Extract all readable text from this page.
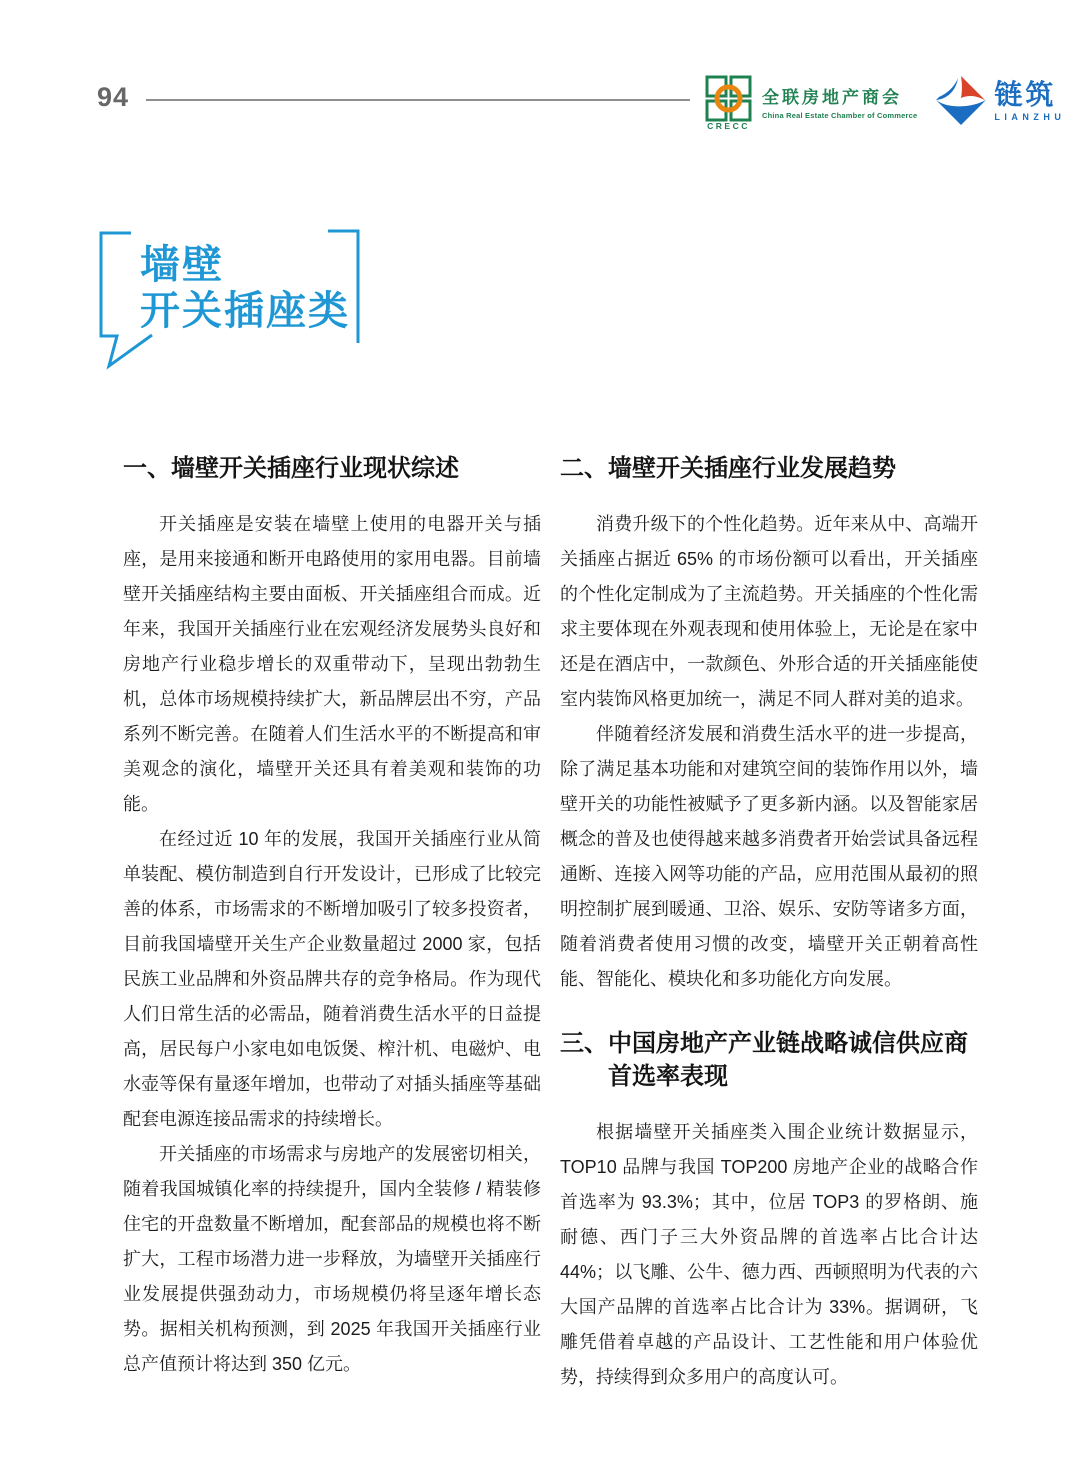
94
CRECC
全联房地产商会
China Real Estate Chamber of Commerce
链筑
LIANZHU
墙壁
开关插座类
一、墙壁开关插座行业现状综述

开关插座是安装在墙壁上使用的电器开关与插座，是用来接通和断开电路使用的家用电器。目前墙壁开关插座结构主要由面板、开关插座组合而成。近年来，我国开关插座行业在宏观经济发展势头良好和房地产行业稳步增长的双重带动下，呈现出勃勃生机，总体市场规模持续扩大，新品牌层出不穷，产品系列不断完善。在随着人们生活水平的不断提高和审美观念的演化，墙壁开关还具有着美观和装饰的功能。

在经过近 10 年的发展，我国开关插座行业从简单装配、模仿制造到自行开发设计，已形成了比较完善的体系，市场需求的不断增加吸引了较多投资者，目前我国墙壁开关生产企业数量超过 2000 家，包括民族工业品牌和外资品牌共存的竞争格局。作为现代人们日常生活的必需品，随着消费生活水平的日益提高，居民每户小家电如电饭煲、榨汁机、电磁炉、电水壶等保有量逐年增加，也带动了对插头插座等基础配套电源连接品需求的持续增长。

开关插座的市场需求与房地产的发展密切相关，随着我国城镇化率的持续提升，国内全装修 / 精装修住宅的开盘数量不断增加，配套部品的规模也将不断扩大，工程市场潜力进一步释放，为墙壁开关插座行业发展提供强劲动力，市场规模仍将呈逐年增长态势。据相关机构预测，到 2025 年我国开关插座行业总产值预计将达到 350 亿元。

二、墙壁开关插座行业发展趋势

消费升级下的个性化趋势。近年来从中、高端开关插座占据近 65% 的市场份额可以看出，开关插座的个性化定制成为了主流趋势。开关插座的个性化需求主要体现在外观表现和使用体验上，无论是在家中还是在酒店中，一款颜色、外形合适的开关插座能使室内装饰风格更加统一，满足不同人群对美的追求。

伴随着经济发展和消费生活水平的进一步提高，除了满足基本功能和对建筑空间的装饰作用以外，墙壁开关的功能性被赋予了更多新内涵。以及智能家居概念的普及也使得越来越多消费者开始尝试具备远程通断、连接入网等功能的产品，应用范围从最初的照明控制扩展到暖通、卫浴、娱乐、安防等诸多方面，随着消费者使用习惯的改变，墙壁开关正朝着高性能、智能化、模块化和多功能化方向发展。

三、中国房地产产业链战略诚信供应商
首选率表现

根据墙壁开关插座类入围企业统计数据显示，TOP10 品牌与我国 TOP200 房地产企业的战略合作首选率为 93.3%；其中，位居 TOP3 的罗格朗、施耐德、西门子三大外资品牌的首选率占比合计达 44%；以飞雕、公牛、德力西、西顿照明为代表的六大国产品牌的首选率占比合计为 33%。据调研，飞雕凭借着卓越的产品设计、工艺性能和用户体验优势，持续得到众多用户的高度认可。
